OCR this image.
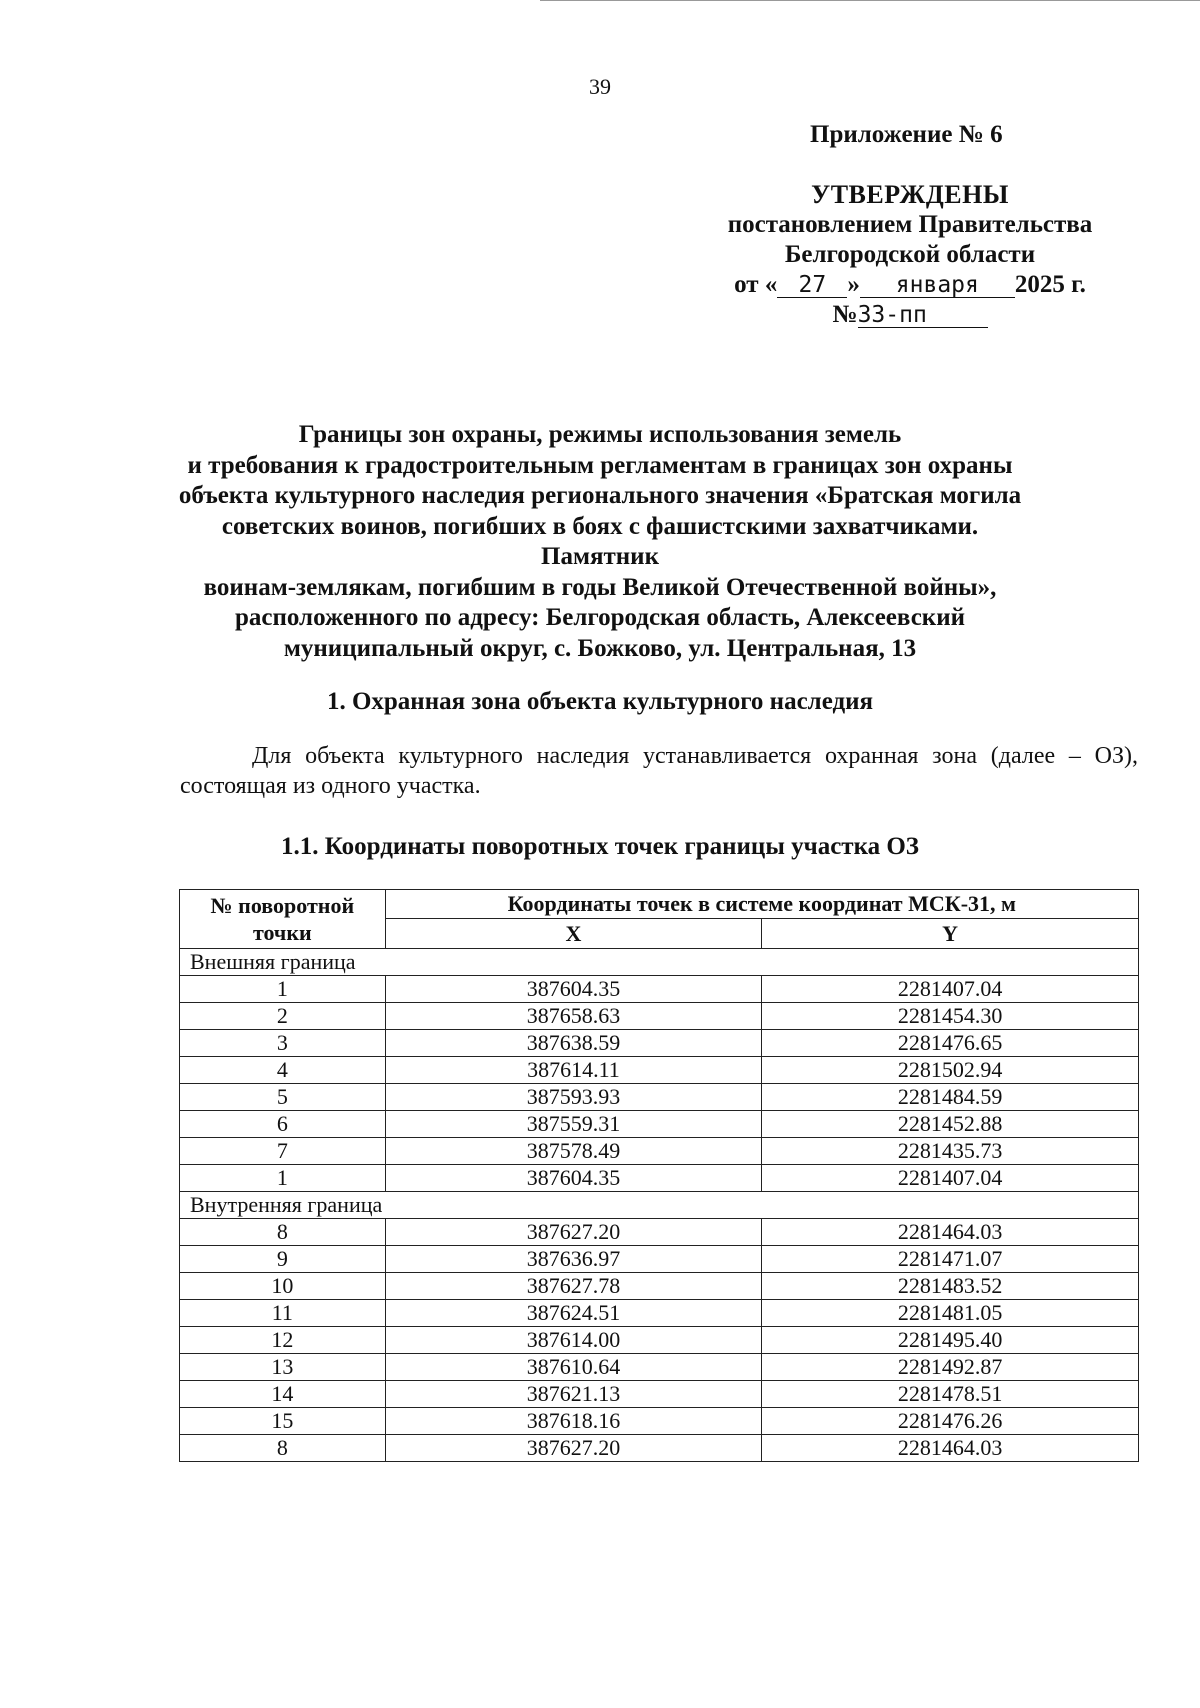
39
Приложение № 6
УТВЕРЖДЕНЫ
постановлением Правительства
Белгородской области
от « 27 » января 2025 г.
№33-пп
Границы зон охраны, режимы использования земель
и требования к градостроительным регламентам в границах зон охраны
объекта культурного наследия регионального значения «Братская могила
советских воинов, погибших в боях с фашистскими захватчиками. Памятник
воинам-землякам, погибшим в годы Великой Отечественной войны»,
расположенного по адресу: Белгородская область, Алексеевский
муниципальный округ, с. Божково, ул. Центральная, 13
1. Охранная зона объекта культурного наследия
Для объекта культурного наследия устанавливается охранная зона (далее – ОЗ), состоящая из одного участка.
1.1. Координаты поворотных точек границы участка ОЗ
№ поворотной точки	Координаты точек в системе координат МСК-31, м	
	X	Y
Внешняя граница		
1	387604.35	2281407.04
2	387658.63	2281454.30
3	387638.59	2281476.65
4	387614.11	2281502.94
5	387593.93	2281484.59
6	387559.31	2281452.88
7	387578.49	2281435.73
1	387604.35	2281407.04
Внутренняя граница		
8	387627.20	2281464.03
9	387636.97	2281471.07
10	387627.78	2281483.52
11	387624.51	2281481.05
12	387614.00	2281495.40
13	387610.64	2281492.87
14	387621.13	2281478.51
15	387618.16	2281476.26
8	387627.20	2281464.03
